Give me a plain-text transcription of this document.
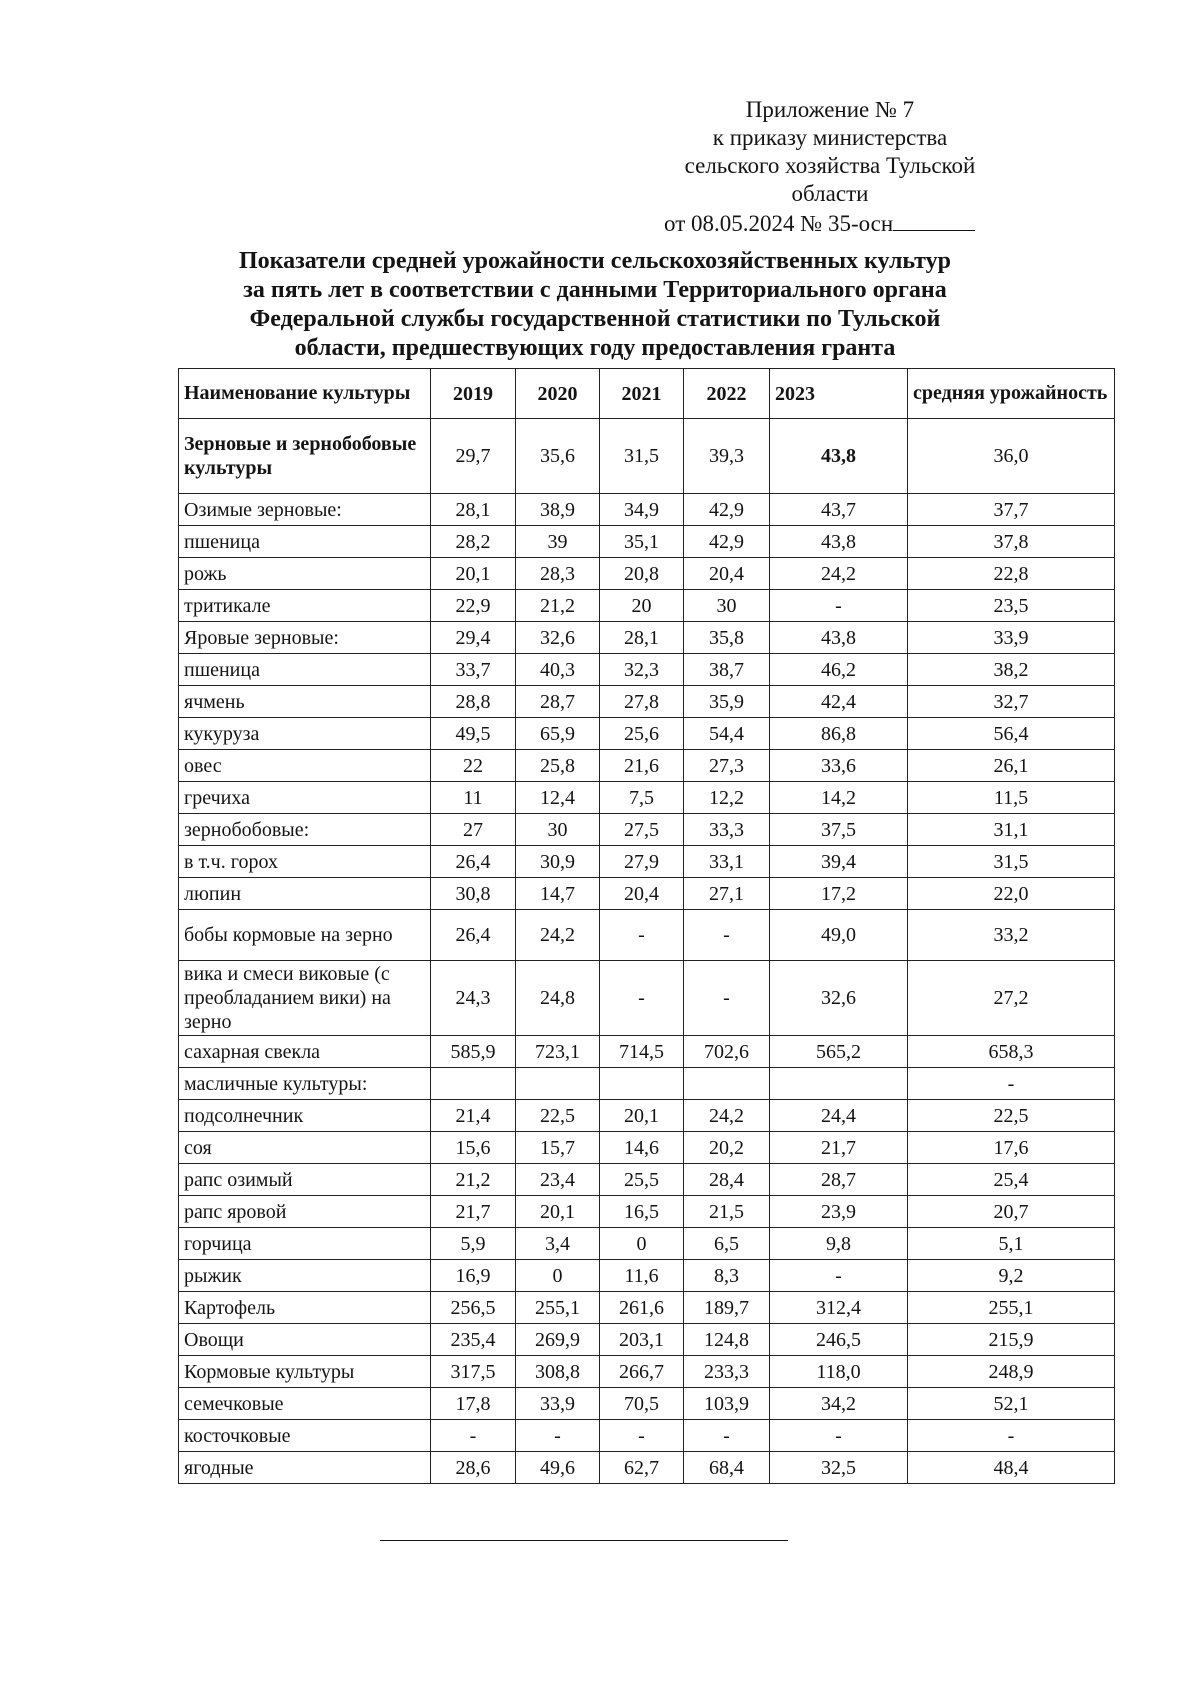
Приложение № 7
к приказу министерства
сельского хозяйства Тульской
области
от 08.05.2024 № 35-осн
Показатели средней урожайности сельскохозяйственных культур
за пять лет в соответствии с данными Территориального органа
Федеральной службы государственной статистики по Тульской
области, предшествующих году предоставления гранта
Наименование культуры	2019	2020	2021	2022	2023	средняя урожайность
Зерновые и зернобобовые культуры	29,7	35,6	31,5	39,3	43,8	36,0
Озимые зерновые:	28,1	38,9	34,9	42,9	43,7	37,7
пшеница	28,2	39	35,1	42,9	43,8	37,8
рожь	20,1	28,3	20,8	20,4	24,2	22,8
тритикале	22,9	21,2	20	30	-	23,5
Яровые зерновые:	29,4	32,6	28,1	35,8	43,8	33,9
пшеница	33,7	40,3	32,3	38,7	46,2	38,2
ячмень	28,8	28,7	27,8	35,9	42,4	32,7
кукуруза	49,5	65,9	25,6	54,4	86,8	56,4
овес	22	25,8	21,6	27,3	33,6	26,1
гречиха	11	12,4	7,5	12,2	14,2	11,5
зернобобовые:	27	30	27,5	33,3	37,5	31,1
в т.ч. горох	26,4	30,9	27,9	33,1	39,4	31,5
люпин	30,8	14,7	20,4	27,1	17,2	22,0
бобы кормовые на зерно	26,4	24,2	-	-	49,0	33,2
вика и смеси виковые (с преобладанием вики) на зерно	24,3	24,8	-	-	32,6	27,2
сахарная свекла	585,9	723,1	714,5	702,6	565,2	658,3
масличные культуры:						-
подсолнечник	21,4	22,5	20,1	24,2	24,4	22,5
соя	15,6	15,7	14,6	20,2	21,7	17,6
рапс озимый	21,2	23,4	25,5	28,4	28,7	25,4
рапс яровой	21,7	20,1	16,5	21,5	23,9	20,7
горчица	5,9	3,4	0	6,5	9,8	5,1
рыжик	16,9	0	11,6	8,3	-	9,2
Картофель	256,5	255,1	261,6	189,7	312,4	255,1
Овощи	235,4	269,9	203,1	124,8	246,5	215,9
Кормовые культуры	317,5	308,8	266,7	233,3	118,0	248,9
семечковые	17,8	33,9	70,5	103,9	34,2	52,1
косточковые	-	-	-	-	-	-
ягодные	28,6	49,6	62,7	68,4	32,5	48,4
